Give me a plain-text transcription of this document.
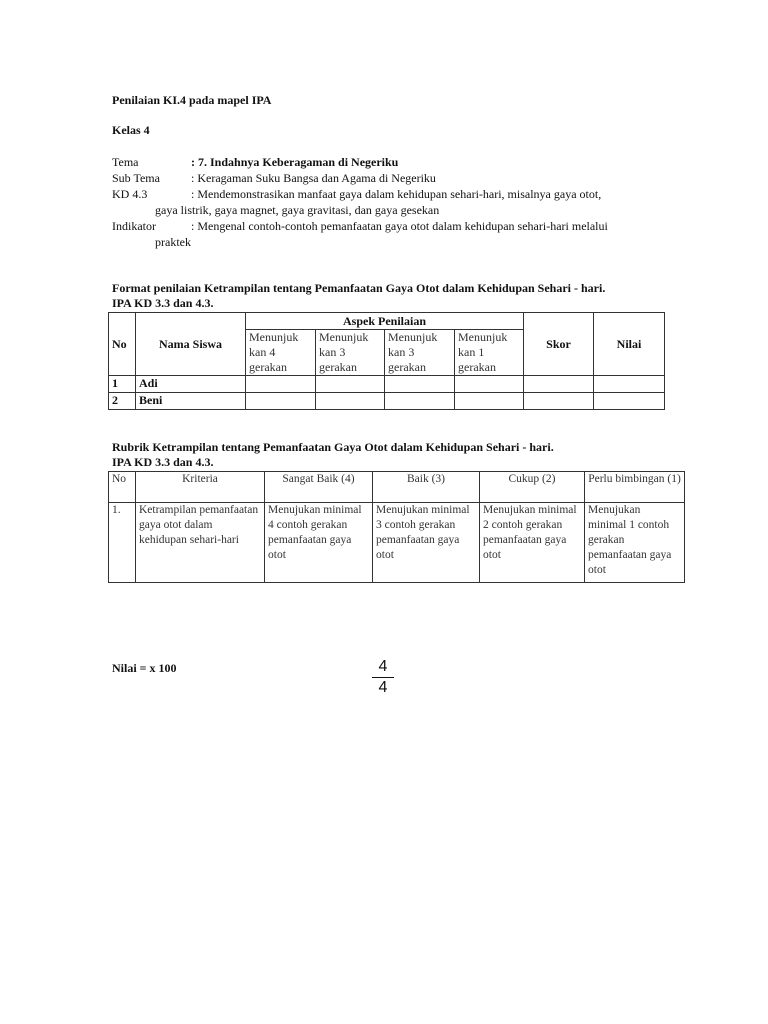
Penilaian KI.4 pada mapel IPA
Kelas 4
Tema	: 7. Indahnya Keberagaman di Negeriku
Sub Tema	: Keragaman Suku Bangsa dan Agama di Negeriku
KD 4.3	: Mendemonstrasikan manfaat gaya dalam kehidupan sehari-hari, misalnya gaya otot,
gaya listrik, gaya magnet, gaya gravitasi, dan gaya gesekan
Indikator	: Mengenal contoh-contoh pemanfaatan gaya otot dalam kehidupan sehari-hari melalui
praktek
Format penilaian Ketrampilan tentang Pemanfaatan Gaya Otot dalam Kehidupan Sehari - hari.
IPA KD 3.3 dan 4.3.
No	Nama Siswa	Aspek Penilaian				Skor	Nilai
		Menunjuk kan 4 gerakan	Menunjuk kan 3 gerakan	Menunjuk kan 3 gerakan	Menunjuk kan 1 gerakan		
1	Adi						
2	Beni						
Rubrik Ketrampilan tentang Pemanfaatan Gaya Otot dalam Kehidupan Sehari - hari.
IPA KD 3.3 dan 4.3.
No	Kriteria	Sangat Baik (4)	Baik (3)	Cukup (2)	Perlu bimbingan (1)
1.	Ketrampilan pemanfaatan gaya otot dalam kehidupan sehari-hari	Menujukan minimal 4 contoh gerakan pemanfaatan gaya otot	Menujukan minimal 3 contoh gerakan pemanfaatan gaya otot	Menujukan minimal 2 contoh gerakan pemanfaatan gaya otot	Menujukan minimal 1 contoh gerakan pemanfaatan gaya otot
Nilai = x 100	4
4
